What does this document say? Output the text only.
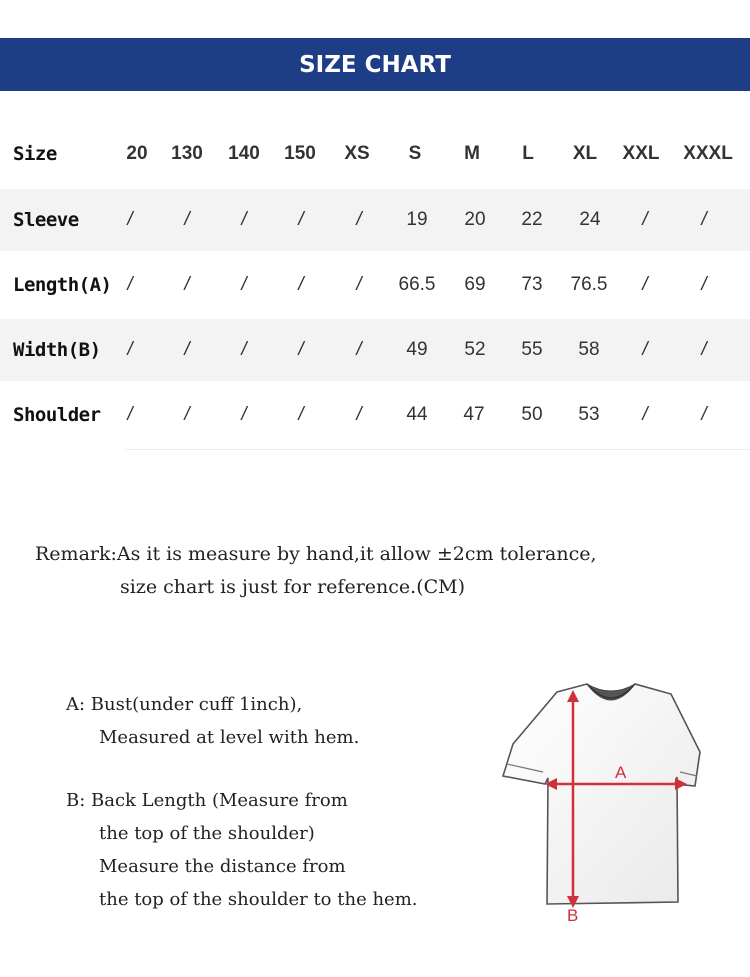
SIZE CHART
Size	20 130 140 150 XS S M L XL XXL XXXL
Sleeve	/	/	/	/	/ 19 20 22 24 /	/
Length(A) /	/	/	/	/ 66.5 69 73 76.5 /	/
Width(B) /	/	/	/	/ 49 52 55 58 /	/
Shoulder /	/	/	/	/ 44 47 50 53 /	/
Remark:As it is measure by hand,it allow ±2cm tolerance,
size chart is just for reference.(CM)
A: Bust(under cuff 1inch),
Measured at level with hem.
B: Back Length (Measure from
the top of the shoulder)
Measure the distance from
the top of the shoulder to the hem.
A
B
